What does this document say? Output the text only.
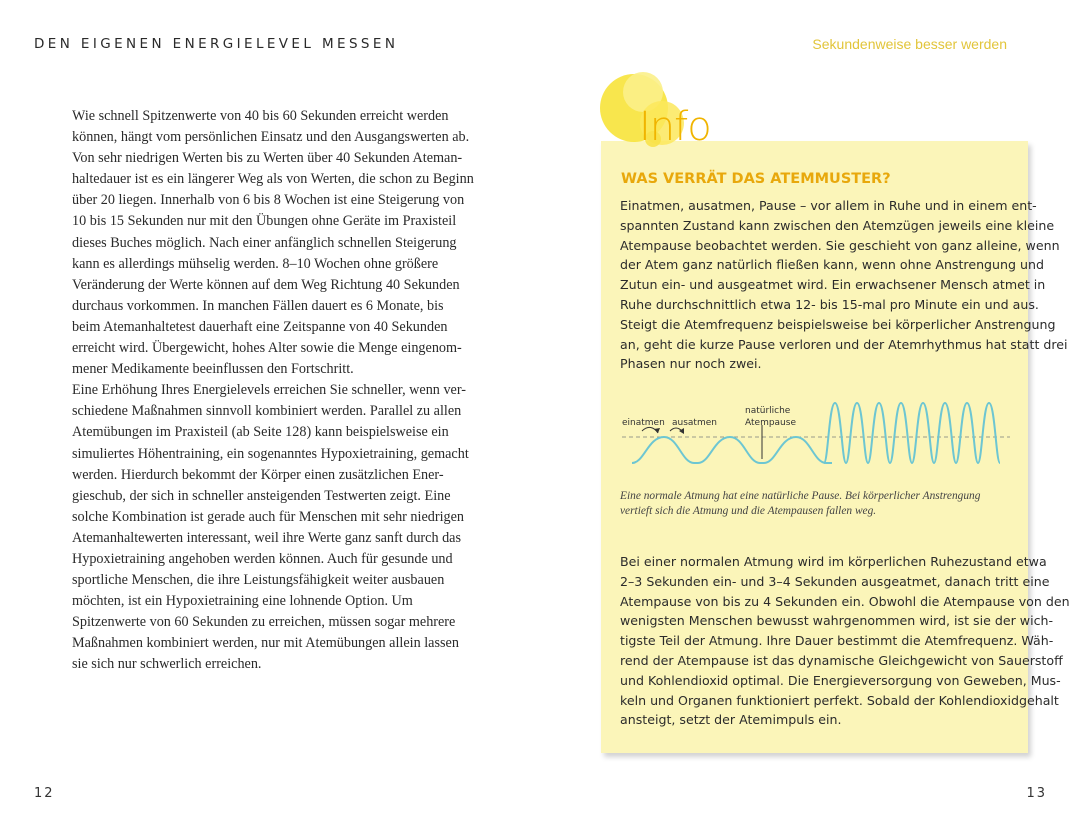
DEN EIGENEN ENERGIELEVEL MESSEN	Sekundenweise besser werden
Wie schnell Spitzenwerte von 40 bis 60 Sekunden erreicht werden
können, hängt vom persönlichen Einsatz und den Ausgangswerten ab.
Von sehr niedrigen Werten bis zu Werten über 40 Sekunden Ateman-
haltedauer ist es ein längerer Weg als von Werten, die schon zu Beginn
über 20 liegen. Innerhalb von 6 bis 8 Wochen ist eine Steigerung von
10 bis 15 Sekunden nur mit den Übungen ohne Geräte im Praxisteil
dieses Buches möglich. Nach einer anfänglich schnellen Steigerung
kann es allerdings mühselig werden. 8–10 Wochen ohne größere
Veränderung der Werte können auf dem Weg Richtung 40 Sekunden
durchaus vorkommen. In manchen Fällen dauert es 6 Monate, bis
beim Atemanhaltetest dauerhaft eine Zeitspanne von 40 Sekunden
erreicht wird. Übergewicht, hohes Alter sowie die Menge eingenom-
mener Medikamente beeinflussen den Fortschritt.
Eine Erhöhung Ihres Energielevels erreichen Sie schneller, wenn ver-
schiedene Maßnahmen sinnvoll kombiniert werden. Parallel zu allen
Atemübungen im Praxisteil (ab Seite 128) kann beispielsweise ein
simuliertes Höhentraining, ein sogenanntes Hypoxietraining, gemacht
werden. Hierdurch bekommt der Körper einen zusätzlichen Ener-
gieschub, der sich in schneller ansteigenden Testwerten zeigt. Eine
solche Kombination ist gerade auch für Menschen mit sehr niedrigen
Atemanhaltewerten interessant, weil ihre Werte ganz sanft durch das
Hypoxietraining angehoben werden können. Auch für gesunde und
sportliche Menschen, die ihre Leistungsfähigkeit weiter ausbauen
möchten, ist ein Hypoxietraining eine lohnende Option. Um
Spitzenwerte von 60 Sekunden zu erreichen, müssen sogar mehrere
Maßnahmen kombiniert werden, nur mit Atemübungen allein lassen
sie sich nur schwerlich erreichen.
Info
WAS VERRÄT DAS ATEMMUSTER?
Einatmen, ausatmen, Pause – vor allem in Ruhe und in einem ent-
spannten Zustand kann zwischen den Atemzügen jeweils eine kleine
Atempause beobachtet werden. Sie geschieht von ganz alleine, wenn
der Atem ganz natürlich fließen kann, wenn ohne Anstrengung und
Zutun ein- und ausgeatmet wird. Ein erwachsener Mensch atmet in
Ruhe durchschnittlich etwa 12- bis 15-mal pro Minute ein und aus.
Steigt die Atemfrequenz beispielsweise bei körperlicher Anstrengung
an, geht die kurze Pause verloren und der Atemrhythmus hat statt drei
Phasen nur noch zwei.
einatmen ausatmen
natürliche
Atempause
Eine normale Atmung hat eine natürliche Pause. Bei körperlicher Anstrengung
vertieft sich die Atmung und die Atempausen fallen weg.
Bei einer normalen Atmung wird im körperlichen Ruhezustand etwa
2–3 Sekunden ein- und 3–4 Sekunden ausgeatmet, danach tritt eine
Atempause von bis zu 4 Sekunden ein. Obwohl die Atempause von den
wenigsten Menschen bewusst wahrgenommen wird, ist sie der wich-
tigste Teil der Atmung. Ihre Dauer bestimmt die Atemfrequenz. Wäh-
rend der Atempause ist das dynamische Gleichgewicht von Sauerstoff
und Kohlendioxid optimal. Die Energieversorgung von Geweben, Mus-
keln und Organen funktioniert perfekt. Sobald der Kohlendioxidgehalt
ansteigt, setzt der Atemimpuls ein.
12	13
